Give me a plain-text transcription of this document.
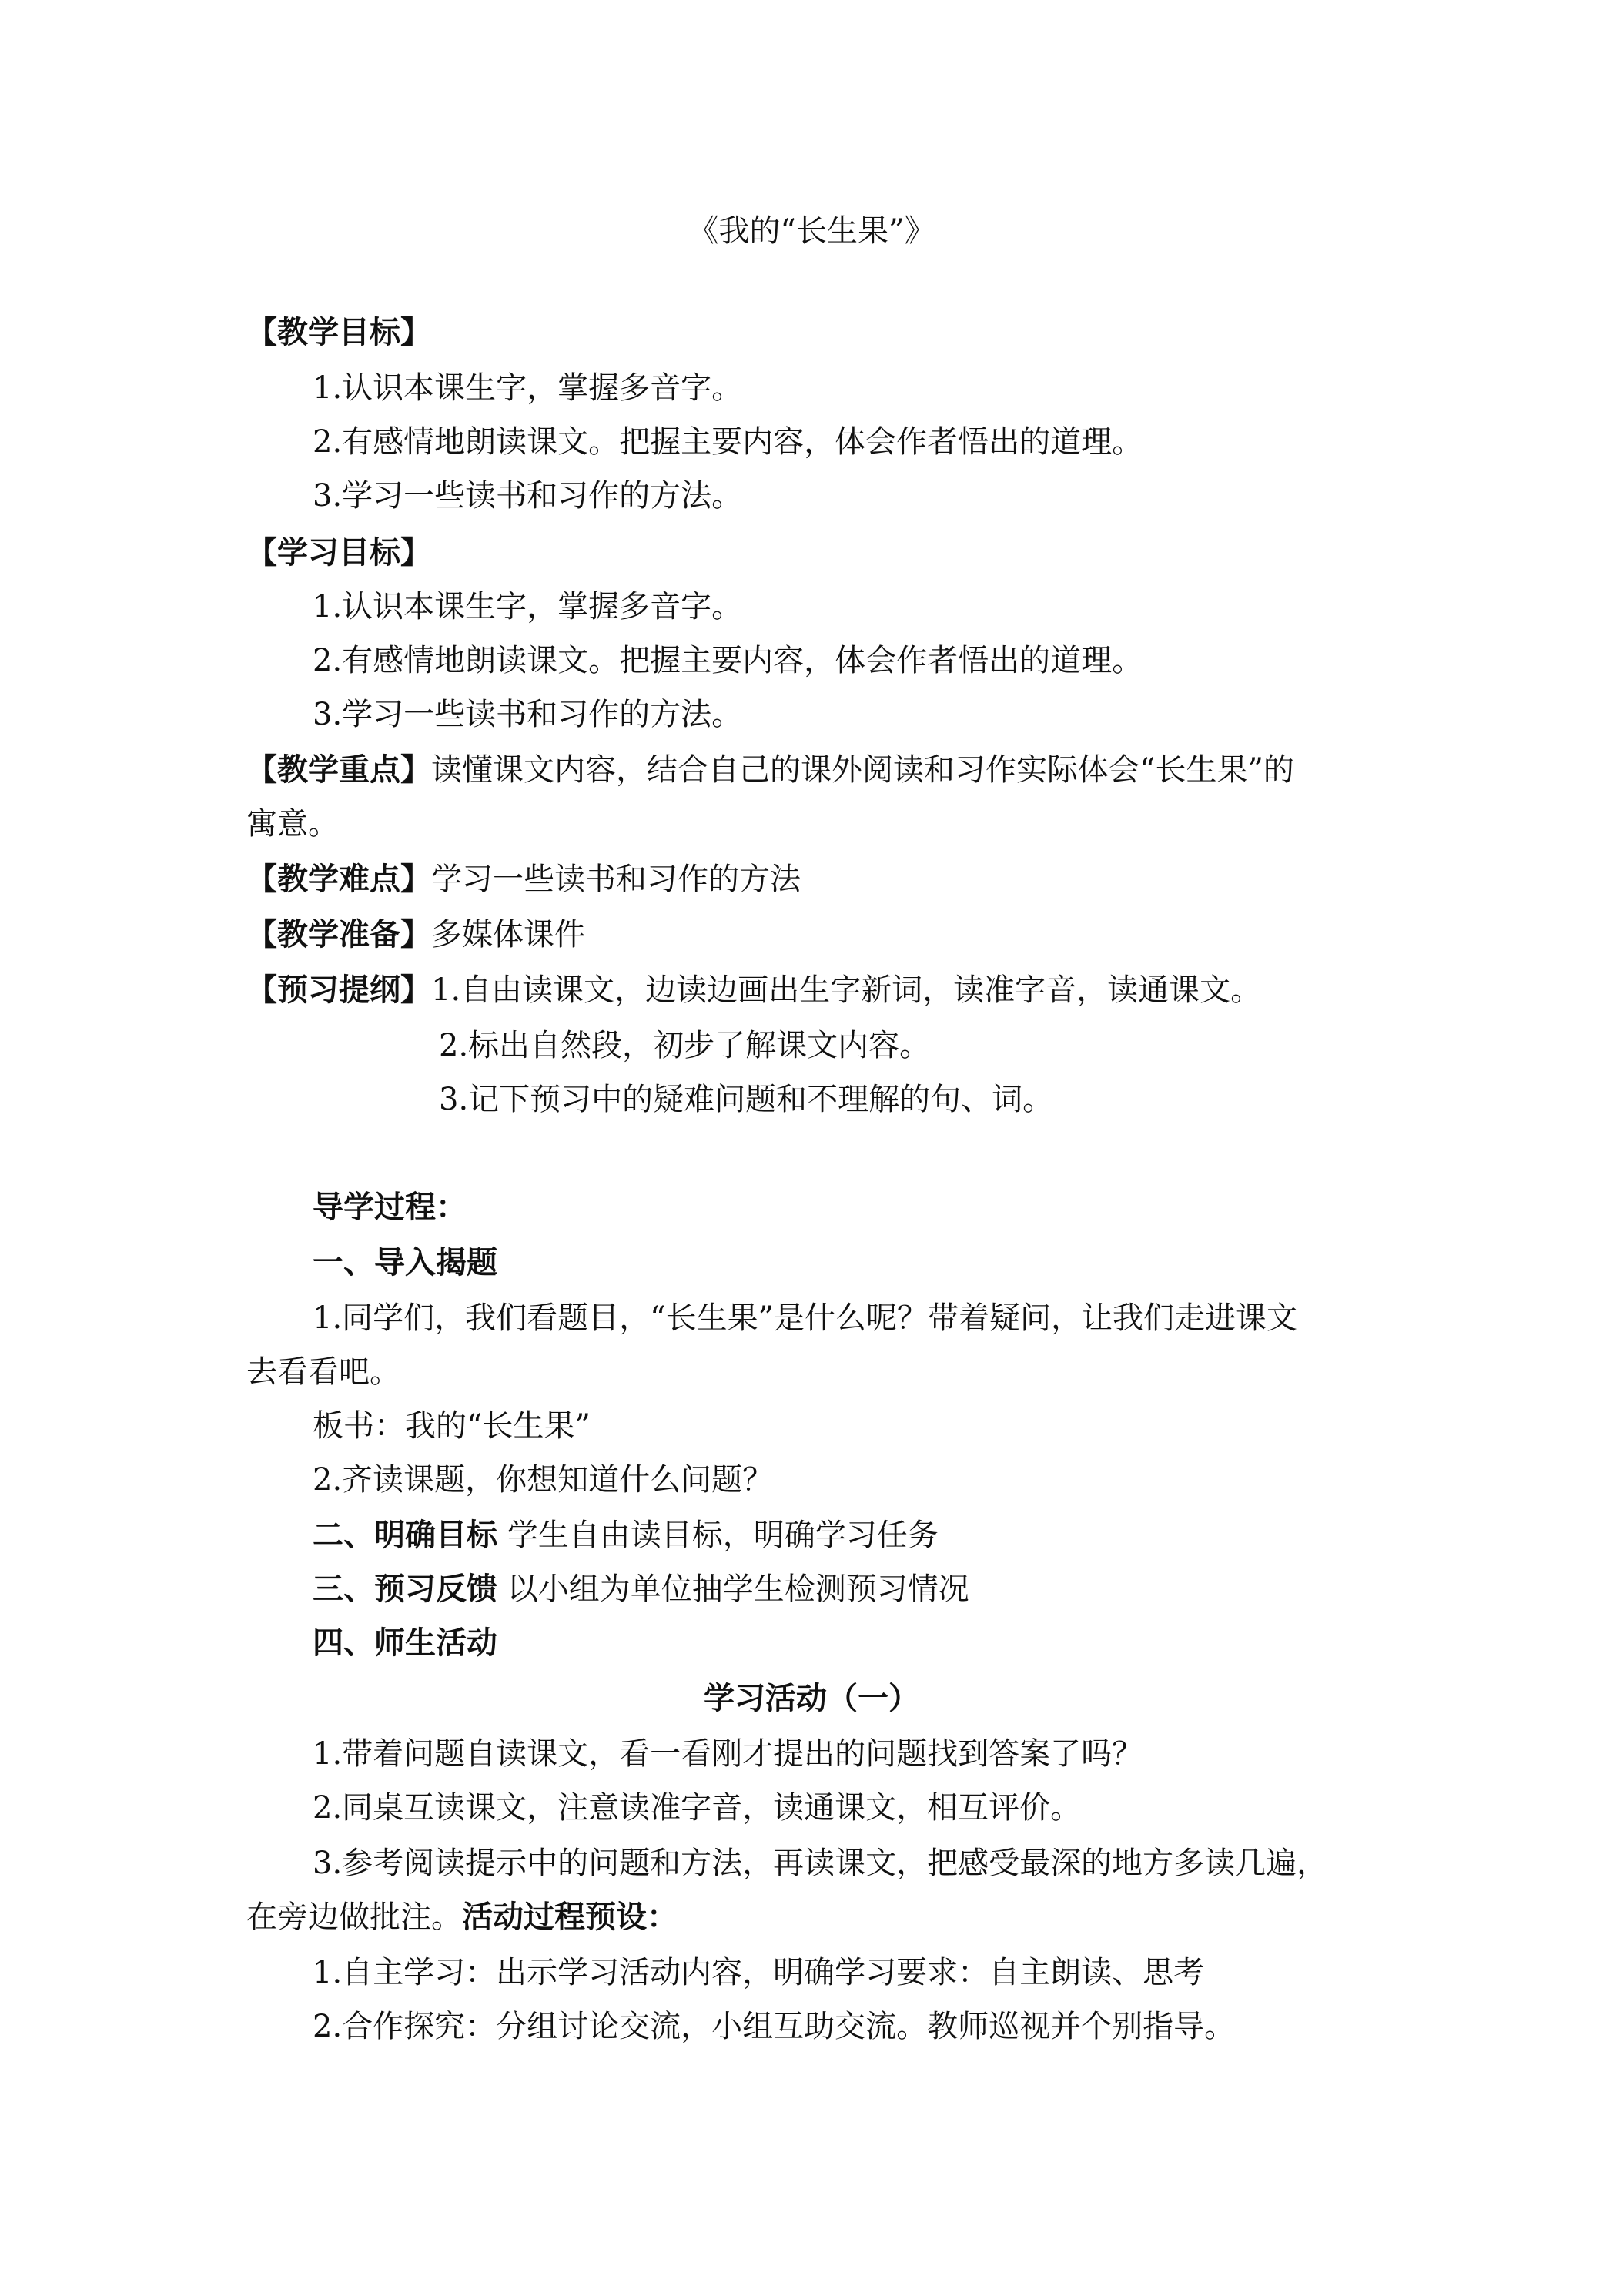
《我的“长生果”》
【教学目标】
1.认识本课生字，掌握多音字。
2.有感情地朗读课文。把握主要内容，体会作者悟出的道理。
3.学习一些读书和习作的方法。
【学习目标】
1.认识本课生字，掌握多音字。
2.有感情地朗读课文。把握主要内容，体会作者悟出的道理。
3.学习一些读书和习作的方法。
【教学重点】读懂课文内容，结合自己的课外阅读和习作实际体会“长生果”的
寓意。
【教学难点】学习一些读书和习作的方法
【教学准备】多媒体课件
【预习提纲】1.自由读课文，边读边画出生字新词，读准字音，读通课文。
2.标出自然段，初步了解课文内容。
3.记下预习中的疑难问题和不理解的句、词。
导学过程：
一、导入揭题
1.同学们，我们看题目，“长生果”是什么呢？带着疑问，让我们走进课文
去看看吧。
板书：我的“长生果”
2.齐读课题，你想知道什么问题？
二、明确目标 学生自由读目标，明确学习任务
三、预习反馈 以小组为单位抽学生检测预习情况
四、师生活动
学习活动（一）
1.带着问题自读课文，看一看刚才提出的问题找到答案了吗？
2.同桌互读课文，注意读准字音，读通课文，相互评价。
3.参考阅读提示中的问题和方法，再读课文，把感受最深的地方多读几遍，
在旁边做批注。活动过程预设：
1.自主学习：出示学习活动内容，明确学习要求：自主朗读、思考
2.合作探究：分组讨论交流，小组互助交流。教师巡视并个别指导。
